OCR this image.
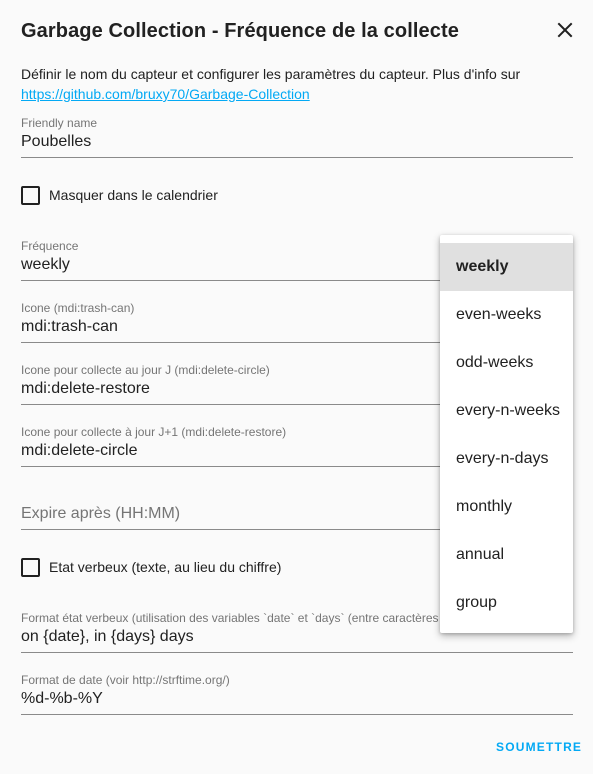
Garbage Collection - Fréquence de la collecte
Définir le nom du capteur et configurer les paramètres du capteur. Plus d'info sur
https://github.com/bruxy70/Garbage-Collection
Friendly name
Poubelles
Masquer dans le calendrier
Fréquence
weekly
Icone (mdi:trash-can)
mdi:trash-can
Icone pour collecte au jour J (mdi:delete-circle)
mdi:delete-restore
Icone pour collecte à jour J+1 (mdi:delete-restore)
mdi:delete-circle
Expire après (HH:MM)
Etat verbeux (texte, au lieu du chiffre)
Format état verbeux (utilisation des variables `date` et `days` (entre caractères
on {date}, in {days} days
Format de date (voir http://strftime.org/)
%d-%b-%Y
SOUMETTRE
weekly
even-weeks
odd-weeks
every-n-weeks
every-n-days
monthly
annual
group
